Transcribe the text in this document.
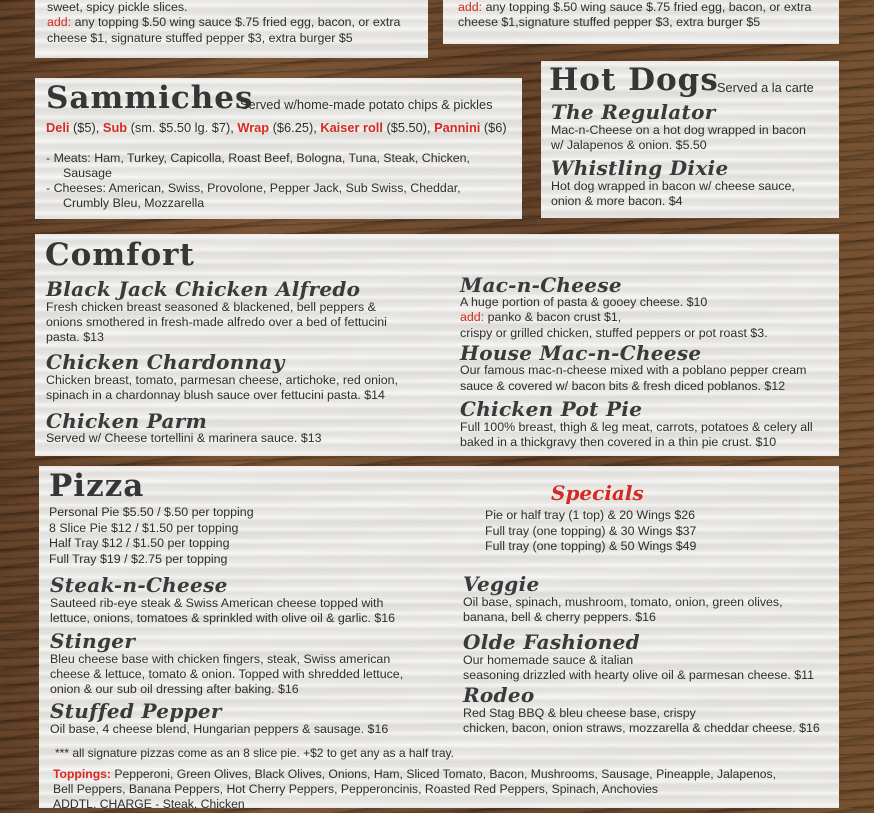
sweet, spicy pickle slices.

add: any topping $.50 wing sauce $.75 fried egg, bacon, or extra

cheese $1, signature stuffed pepper $3, extra burger $5

add: any topping $.50 wing sauce $.75 fried egg, bacon, or extra

cheese $1,signature stuffed pepper $3, extra burger $5

Sammiches

Served w/home-made potato chips & pickles

Deli ($5), Sub (sm. $5.50 lg. $7), Wrap ($6.25), Kaiser roll ($5.50), Pannini ($6)

- Meats: Ham, Turkey, Capicolla, Roast Beef, Bologna, Tuna, Steak, Chicken,

Sausage

- Cheeses: American, Swiss, Provolone, Pepper Jack, Sub Swiss, Cheddar,

Crumbly Bleu, Mozzarella

Hot Dogs

Served a la carte

The Regulator

Mac-n-Cheese on a hot dog wrapped in bacon

w/ Jalapenos & onion. $5.50

Whistling Dixie

Hot dog wrapped in bacon w/ cheese sauce,

onion & more bacon. $4

Comfort

Black Jack Chicken Alfredo

Fresh chicken breast seasoned & blackened, bell peppers &

onions smothered in fresh-made alfredo over a bed of fettucini

pasta. $13

Chicken Chardonnay

Chicken breast, tomato, parmesan cheese, artichoke, red onion,

spinach in a chardonnay blush sauce over fettucini pasta. $14

Chicken Parm

Served w/ Cheese tortellini & marinera sauce. $13

Mac-n-Cheese

A huge portion of pasta & gooey cheese. $10

add: panko & bacon crust $1,

crispy or grilled chicken, stuffed peppers or pot roast $3.

House Mac-n-Cheese

Our famous mac-n-cheese mixed with a poblano pepper cream

sauce & covered w/ bacon bits & fresh diced poblanos. $12

Chicken Pot Pie

Full 100% breast, thigh & leg meat, carrots, potatoes & celery all

baked in a thickgravy then covered in a thin pie crust. $10

Pizza

Personal Pie $5.50 / $.50 per topping

8 Slice Pie $12 / $1.50 per topping

Half Tray $12 / $1.50 per topping

Full Tray $19 / $2.75 per topping

Specials

Pie or half tray (1 top) & 20 Wings $26

Full tray (one topping) & 30 Wings $37

Full tray (one topping) & 50 Wings $49

Steak-n-Cheese

Sauteed rib-eye steak & Swiss American cheese topped with

lettuce, onions, tomatoes & sprinkled with olive oil & garlic. $16

Stinger

Bleu cheese base with chicken fingers, steak, Swiss american

cheese & lettuce, tomato & onion. Topped with shredded lettuce,

onion & our sub oil dressing after baking. $16

Stuffed Pepper

Oil base, 4 cheese blend, Hungarian peppers & sausage. $16

Veggie

Oil base, spinach, mushroom, tomato, onion, green olives,

banana, bell & cherry peppers. $16

Olde Fashioned

Our homemade sauce & italian

seasoning drizzled with hearty olive oil & parmesan cheese. $11

Rodeo

Red Stag BBQ & bleu cheese base, crispy

chicken, bacon, onion straws, mozzarella & cheddar cheese. $16

*** all signature pizzas come as an 8 slice pie. +$2 to get any as a half tray.

Toppings: Pepperoni, Green Olives, Black Olives, Onions, Ham, Sliced Tomato, Bacon, Mushrooms, Sausage, Pineapple, Jalapenos,

Bell Peppers, Banana Peppers, Hot Cherry Peppers, Pepperoncinis, Roasted Red Peppers, Spinach, Anchovies

ADDTL. CHARGE - Steak, Chicken
